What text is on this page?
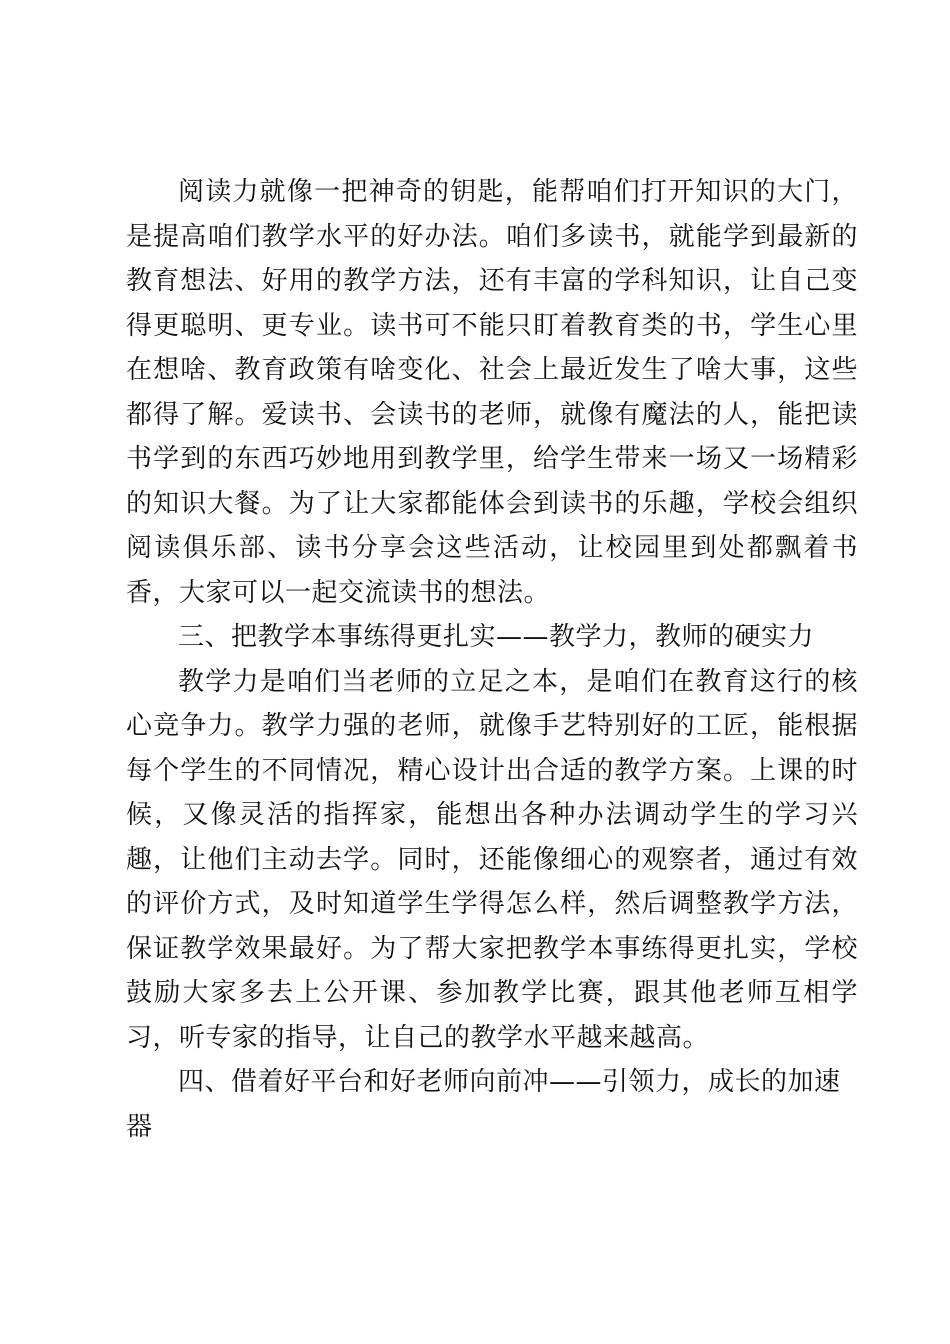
阅读力就像一把神奇的钥匙，能帮咱们打开知识的大门，是提高咱们教学水平的好办法。咱们多读书，就能学到最新的教育想法、好用的教学方法，还有丰富的学科知识，让自己变得更聪明、更专业。读书可不能只盯着教育类的书，学生心里在想啥、教育政策有啥变化、社会上最近发生了啥大事，这些都得了解。爱读书、会读书的老师，就像有魔法的人，能把读书学到的东西巧妙地用到教学里，给学生带来一场又一场精彩的知识大餐。为了让大家都能体会到读书的乐趣，学校会组织阅读俱乐部、读书分享会这些活动，让校园里到处都飘着书香，大家可以一起交流读书的想法。

三、把教学本事练得更扎实——教学力，教师的硬实力

教学力是咱们当老师的立足之本，是咱们在教育这行的核心竞争力。教学力强的老师，就像手艺特别好的工匠，能根据每个学生的不同情况，精心设计出合适的教学方案。上课的时候，又像灵活的指挥家，能想出各种办法调动学生的学习兴趣，让他们主动去学。同时，还能像细心的观察者，通过有效的评价方式，及时知道学生学得怎么样，然后调整教学方法，保证教学效果最好。为了帮大家把教学本事练得更扎实，学校鼓励大家多去上公开课、参加教学比赛，跟其他老师互相学习，听专家的指导，让自己的教学水平越来越高。

四、借着好平台和好老师向前冲——引领力，成长的加速器
